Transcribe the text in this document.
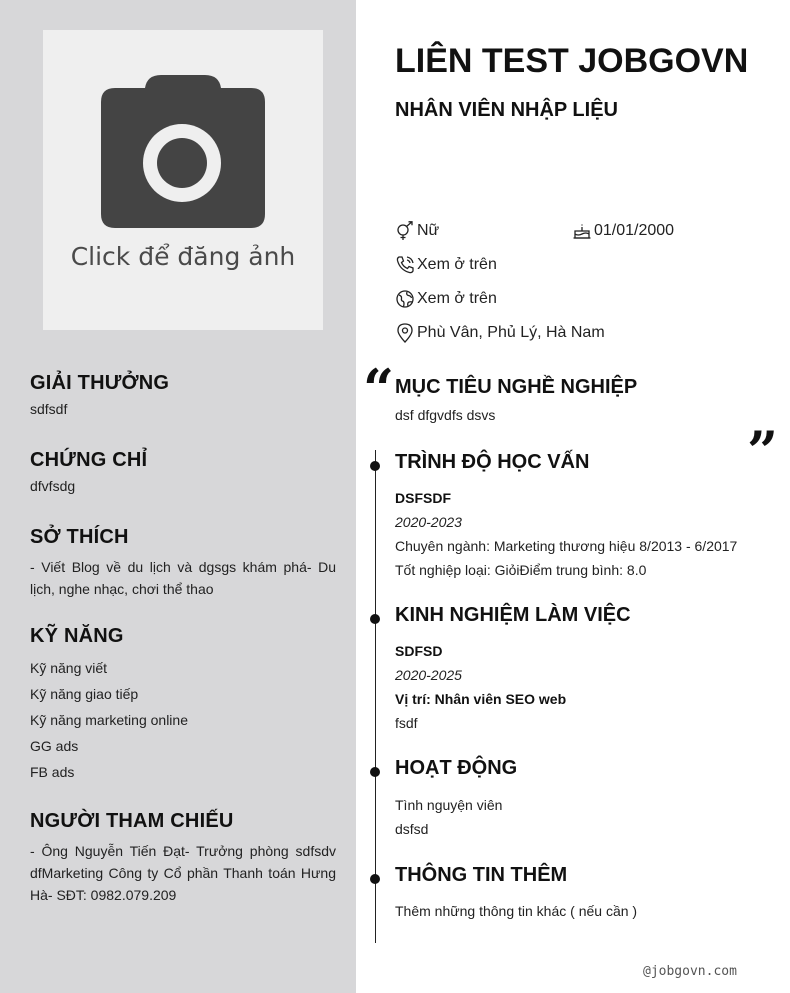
Click để đăng ảnh
GIẢI THƯỞNG
sdfsdf
CHỨNG CHỈ
dfvfsdg
SỞ THÍCH
- Viết Blog về du lịch và dgsgs khám phá- Du lịch, nghe nhạc, chơi thể thao
KỸ NĂNG
Kỹ năng viết
Kỹ năng giao tiếp
Kỹ năng marketing online
GG ads
FB ads
NGƯỜI THAM CHIẾU
- Ông Nguyễn Tiến Đạt- Trưởng phòng sdfsdv dfMarketing Công ty Cổ phần Thanh toán Hưng Hà- SĐT: 0982.079.209
LIÊN TEST JOBGOVN
NHÂN VIÊN NHẬP LIỆU
Nữ	01/01/2000
Xem ở trên
Xem ở trên
Phù Vân, Phủ Lý, Hà Nam
“
”
MỤC TIÊU NGHỀ NGHIỆP
dsf dfgvdfs dsvs
TRÌNH ĐỘ HỌC VẤN
DSFSDF
2020-2023
Chuyên ngành: Marketing thương hiệu 8/2013 - 6/2017
Tốt nghiệp loại: GiỏiĐiểm trung bình: 8.0
KINH NGHIỆM LÀM VIỆC
SDFSD
2020-2025
Vị trí: Nhân viên SEO web
fsdf
HOẠT ĐỘNG
Tình nguyện viên
dsfsd
THÔNG TIN THÊM
Thêm những thông tin khác ( nếu cần )
@jobgovn.com
